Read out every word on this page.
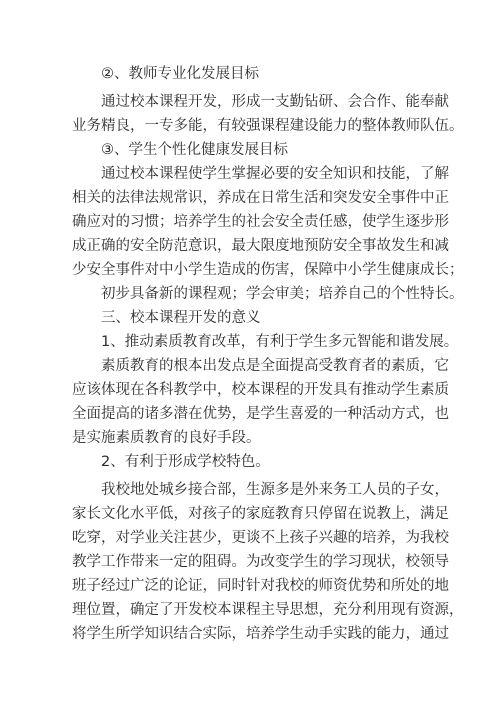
②、教师专业化发展目标
通过校本课程开发，形成一支勤钻研、会合作、能奉献
业务精良，一专多能，有较强课程建设能力的整体教师队伍。
③、学生个性化健康发展目标
通过校本课程使学生掌握必要的安全知识和技能，了解
相关的法律法规常识，养成在日常生活和突发安全事件中正
确应对的习惯；培养学生的社会安全责任感，使学生逐步形
成正确的安全防范意识，最大限度地预防安全事故发生和减
少安全事件对中小学生造成的伤害，保障中小学生健康成长；
初步具备新的课程观；学会审美；培养自己的个性特长。
三、校本课程开发的意义
1、推动素质教育改革，有利于学生多元智能和谐发展。
素质教育的根本出发点是全面提高受教育者的素质，它
应该体现在各科教学中，校本课程的开发具有推动学生素质
全面提高的诸多潜在优势，是学生喜爱的一种活动方式，也
是实施素质教育的良好手段。
2、有利于形成学校特色。
我校地处城乡接合部，生源多是外来务工人员的子女，
家长文化水平低，对孩子的家庭教育只停留在说教上，满足
吃穿，对学业关注甚少，更谈不上孩子兴趣的培养，为我校
教学工作带来一定的阻碍。为改变学生的学习现状，校领导
班子经过广泛的论证，同时针对我校的师资优势和所处的地
理位置，确定了开发校本课程主导思想，充分利用现有资源，
将学生所学知识结合实际，培养学生动手实践的能力，通过
